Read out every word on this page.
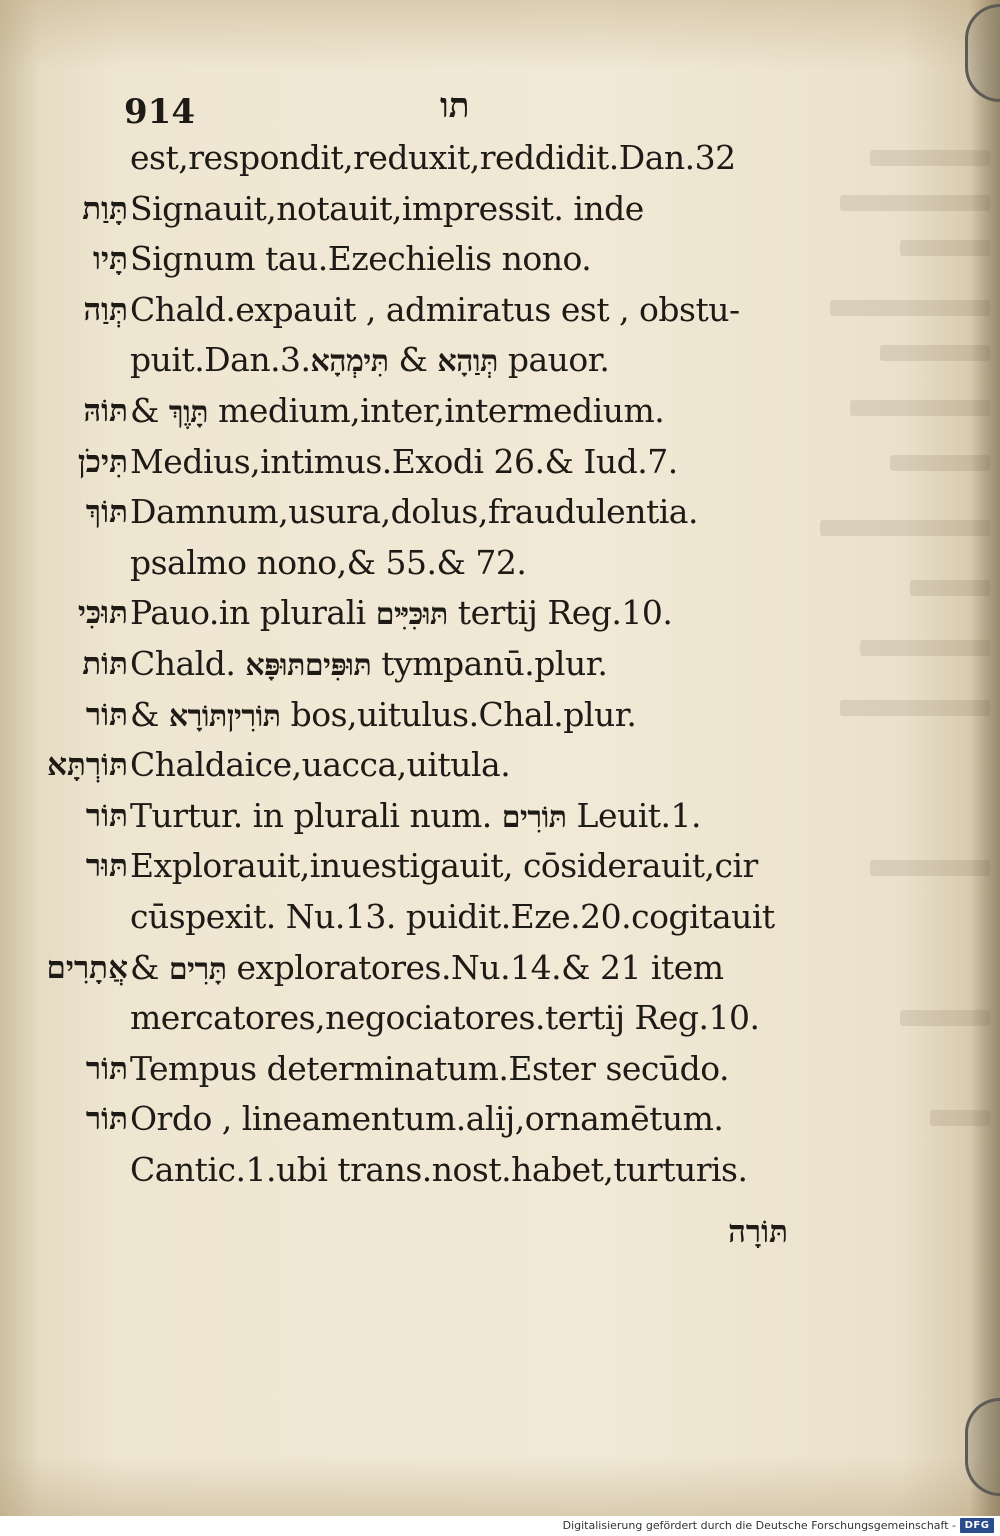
914	תו
est,respondit,reduxit,reddidit.Dan.32
תָּוַת Signauit,notauit,impressit. inde
תָּיו Signum tau.Ezechielis nono.
תְּוַה Chald.expauit , admiratus est , obstu-
puit.Dan.3.תִּימְהָא & תְּוַהָא pauor.
תּוֹהּ & תָּוֶךְ medium,inter,intermedium.
תִּיכֹן Medius,intimus.Exodi 26.& Iud.7.
תּוֹךְ Damnum,usura,dolus,fraudulentia.
psalmo nono,& 55.& 72.
תּוּכִּי Pauo.in plurali תּוּכִּיִּים tertij Reg.10.
תּוֹת Chald. תּוּפָּאתּוּפִּים tympanū.plur.
תּוֹר & תּוֹרָאתּוֹרִין bos,uitulus.Chal.plur.
תּוֹרְתָּא Chaldaice,uacca,uitula.
תּוֹר Turtur. in plurali num. תּוֹרִים Leuit.1.
תּוּר Explorauit,inuestigauit, cōsiderauit,cir
cūspexit. Nu.13. puidit.Eze.20.cogitauit
אֲתָרִים & תָּרִים exploratores.Nu.14.& 21 item
mercatores,negociatores.tertij Reg.10.
תּוֹר Tempus determinatum.Ester secūdo.
תּוֹר Ordo , lineamentum.alij,ornamētum.
Cantic.1.ubi trans.nost.habet,turturis.
תּוֹרָה
Digitalisierung gefördert durch die Deutsche Forschungsgemeinschaft - DFG
